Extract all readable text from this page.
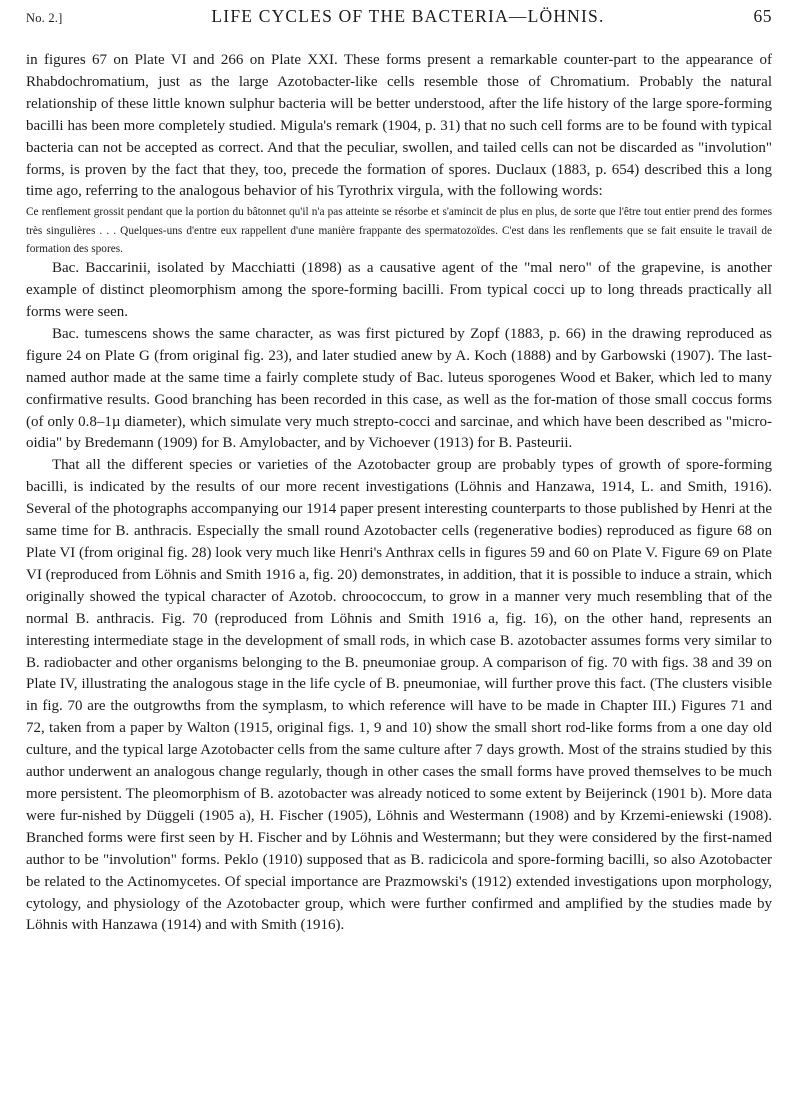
No. 2.]	LIFE CYCLES OF THE BACTERIA—LÖHNIS.	65

in figures 67 on Plate VI and 266 on Plate XXI. These forms present a remarkable counter-part to the appearance of Rhabdochromatium, just as the large Azotobacter-like cells resemble those of Chromatium. Probably the natural relationship of these little known sulphur bacteria will be better understood, after the life history of the large spore-forming bacilli has been more completely studied. Migula's remark (1904, p. 31) that no such cell forms are to be found with typical bacteria can not be accepted as correct. And that the peculiar, swollen, and tailed cells can not be discarded as "involution" forms, is proven by the fact that they, too, precede the formation of spores. Duclaux (1883, p. 654) described this a long time ago, referring to the analogous behavior of his Tyrothrix virgula, with the following words:

Ce renflement grossit pendant que la portion du bâtonnet qu'il n'a pas atteinte se résorbe et s'amincit de plus en plus, de sorte que l'être tout entier prend des formes très singulières . . . Quelques-uns d'entre eux rappellent d'une manière frappante des spermatozoïdes. C'est dans les renflements que se fait ensuite le travail de formation des spores.

Bac. Baccarinii, isolated by Macchiatti (1898) as a causative agent of the "mal nero" of the grapevine, is another example of distinct pleomorphism among the spore-forming bacilli. From typical cocci up to long threads practically all forms were seen.

Bac. tumescens shows the same character, as was first pictured by Zopf (1883, p. 66) in the drawing reproduced as figure 24 on Plate G (from original fig. 23), and later studied anew by A. Koch (1888) and by Garbowski (1907). The last-named author made at the same time a fairly complete study of Bac. luteus sporogenes Wood et Baker, which led to many confirmative results. Good branching has been recorded in this case, as well as the for-mation of those small coccus forms (of only 0.8–1µ diameter), which simulate very much strepto-cocci and sarcinae, and which have been described as "micro-oidia" by Bredemann (1909) for B. Amylobacter, and by Vichoever (1913) for B. Pasteurii.

That all the different species or varieties of the Azotobacter group are probably types of growth of spore-forming bacilli, is indicated by the results of our more recent investigations (Löhnis and Hanzawa, 1914, L. and Smith, 1916). Several of the photographs accompanying our 1914 paper present interesting counterparts to those published by Henri at the same time for B. anthracis. Especially the small round Azotobacter cells (regenerative bodies) reproduced as figure 68 on Plate VI (from original fig. 28) look very much like Henri's Anthrax cells in figures 59 and 60 on Plate V. Figure 69 on Plate VI (reproduced from Löhnis and Smith 1916 a, fig. 20) demonstrates, in addition, that it is possible to induce a strain, which originally showed the typical character of Azotob. chroococcum, to grow in a manner very much resembling that of the normal B. anthracis. Fig. 70 (reproduced from Löhnis and Smith 1916 a, fig. 16), on the other hand, represents an interesting intermediate stage in the development of small rods, in which case B. azotobacter assumes forms very similar to B. radiobacter and other organisms belonging to the B. pneumoniae group. A comparison of fig. 70 with figs. 38 and 39 on Plate IV, illustrating the analogous stage in the life cycle of B. pneumoniae, will further prove this fact. (The clusters visible in fig. 70 are the outgrowths from the symplasm, to which reference will have to be made in Chapter III.) Figures 71 and 72, taken from a paper by Walton (1915, original figs. 1, 9 and 10) show the small short rod-like forms from a one day old culture, and the typical large Azotobacter cells from the same culture after 7 days growth. Most of the strains studied by this author underwent an analogous change regularly, though in other cases the small forms have proved themselves to be much more persistent. The pleomorphism of B. azotobacter was already noticed to some extent by Beijerinck (1901 b). More data were fur-nished by Düggeli (1905 a), H. Fischer (1905), Löhnis and Westermann (1908) and by Krzemi-eniewski (1908). Branched forms were first seen by H. Fischer and by Löhnis and Westermann; but they were considered by the first-named author to be "involution" forms. Peklo (1910) supposed that as B. radicicola and spore-forming bacilli, so also Azotobacter be related to the Actinomycetes. Of special importance are Prazmowski's (1912) extended investigations upon morphology, cytology, and physiology of the Azotobacter group, which were further confirmed and amplified by the studies made by Löhnis with Hanzawa (1914) and with Smith (1916).
